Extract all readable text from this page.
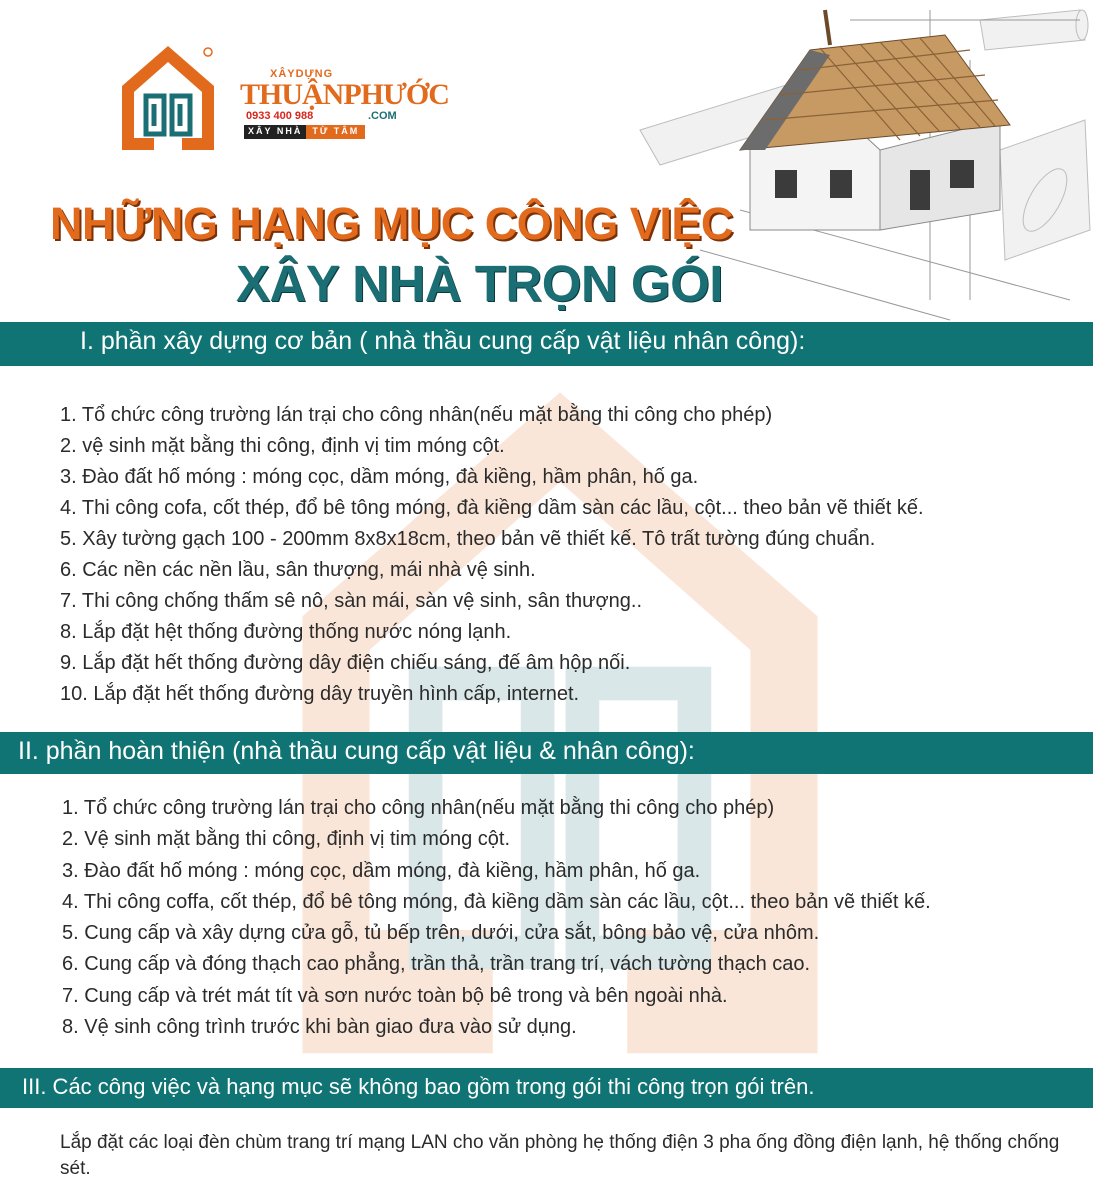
XÂYDỰNG
THUẬNPHƯỚC
0933 400 988	.COM
XÂY NHÀ	TỪ TÂM
NHỮNG HẠNG MỤC CÔNG VIỆC
XÂY NHÀ TRỌN GÓI
I. phần xây dựng cơ bản ( nhà thầu cung cấp vật liệu nhân công):
1. Tổ chức công trường lán trại cho công nhân(nếu mặt bằng thi công cho phép)
2. vệ sinh mặt bằng thi công, định vị tim móng cột.
3. Đào đất hố móng : móng cọc, dầm móng, đà kiềng, hầm phân, hố ga.
4. Thi công cofa, cốt thép, đổ bê tông móng, đà kiềng dầm sàn các lầu, cột... theo bản vẽ thiết kế.
5. Xây tường gạch 100 - 200mm 8x8x18cm, theo bản vẽ thiết kế. Tô trất tường đúng chuẩn.
6. Các nền các nền lầu, sân thượng, mái nhà vệ sinh.
7. Thi công chống thấm sê nô, sàn mái, sàn vệ sinh, sân thượng..
8. Lắp đặt hệt thống đường thống nước nóng lạnh.
9. Lắp đặt hết thống đường dây điện chiếu sáng, đế âm hộp nối.
10. Lắp đặt hết thống đường dây truyền hình cấp, internet.
II. phần hoàn thiện (nhà thầu cung cấp vật liệu & nhân công):
1. Tổ chức công trường lán trại cho công nhân(nếu mặt bằng thi công cho phép)
2. Vệ sinh mặt bằng thi công, định vị tim móng cột.
3. Đào đất hố móng : móng cọc, dầm móng, đà kiềng, hầm phân, hố ga.
4. Thi công coffa, cốt thép, đổ bê tông móng, đà kiềng dầm sàn các lầu, cột... theo bản vẽ thiết kế.
5. Cung cấp và xây dựng cửa gỗ, tủ bếp trên, dưới, cửa sắt, bông bảo vệ, cửa nhôm.
6. Cung cấp và đóng thạch cao phẳng, trần thả, trần trang trí, vách tường thạch cao.
7. Cung cấp và trét mát tít và sơn nước toàn bộ bê trong và bên ngoài nhà.
8. Vệ sinh công trình trước khi bàn giao đưa vào sử dụng.
III. Các công việc và hạng mục sẽ không bao gồm trong gói thi công trọn gói trên.
Lắp đặt các loại đèn chùm trang trí mạng LAN cho văn phòng hẹ thống điện 3 pha ống đồng điện lạnh, hệ thống chống sét.
